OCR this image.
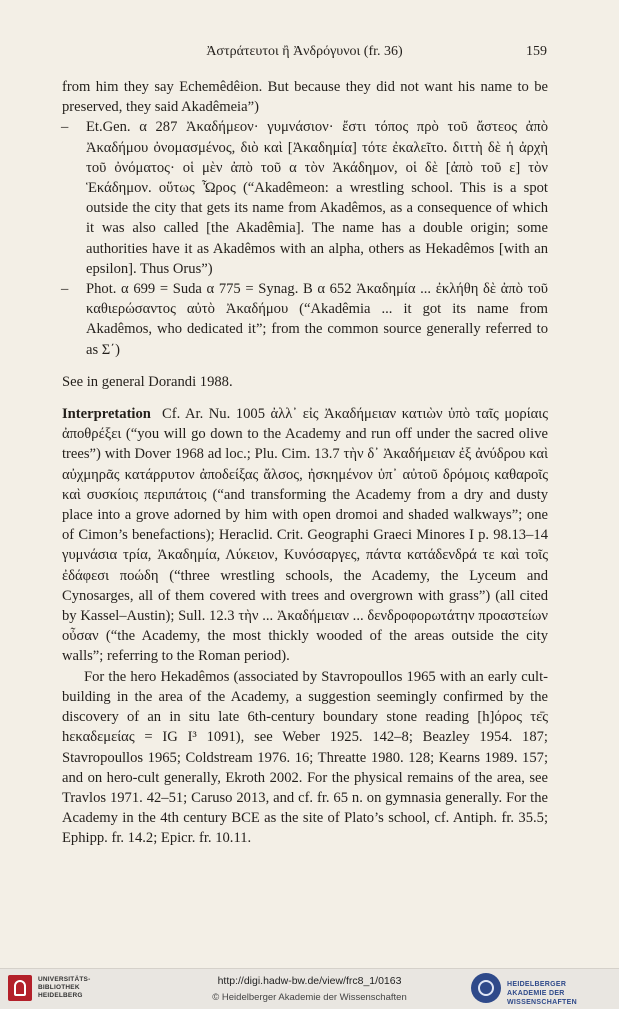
Ἀστράτευτοι ἢ Ἀνδρόγυνοι (fr. 36)	159

from him they say Echemêdêion. But because they did not want his name to be preserved, they said Akadêmeia”)

– Et.Gen. α 287 Ἀκαδήμεον· γυμνάσιον· ἔστι τόπος πρὸ τοῦ ἄστεος ἀπὸ Ἀκαδήμου ὀνομασμένος, διὸ καὶ [Ἀκαδημία] τότε ἐκαλεῖτο. διττὴ δὲ ἡ ἀρχὴ τοῦ ὀνόματος· οἱ μὲν ἀπὸ τοῦ α τὸν Ἀκάδημον, οἱ δὲ [ἀπὸ τοῦ ε] τὸν Ἑκάδημον. οὕτως Ὦρος (“Akadêmeon: a wrestling school. This is a spot outside the city that gets its name from Akadêmos, as a consequence of which it was also called [the Akadêmia]. The name has a double origin; some authorities have it as Akadêmos with an alpha, others as Hekadêmos [with an epsilon]. Thus Orus”)

– Phot. α 699 = Suda α 775 = Synag. B α 652 Ἀκαδημία ... ἐκλήθη δὲ ἀπὸ τοῦ καθιερώσαντος αὐτὸ Ἀκαδήμου (“Akadêmia ... it got its name from Akadêmos, who dedicated it”; from the common source generally referred to as Σ΄)

See in general Dorandi 1988.

Interpretation Cf. Ar. Nu. 1005 ἀλλ᾽ εἰς Ἀκαδήμειαν κατιὼν ὑπὸ ταῖς μορίαις ἀποθρέξει (“you will go down to the Academy and run off under the sacred olive trees”) with Dover 1968 ad loc.; Plu. Cim. 13.7 τὴν δ᾽ Ἀκαδήμειαν ἐξ ἀνύδρου καὶ αὐχμηρᾶς κατάρρυτον ἀποδείξας ἄλσος, ἠσκημένον ὑπ᾽ αὐτοῦ δρόμοις καθαροῖς καὶ συσκίοις περιπάτοις (“and transforming the Academy from a dry and dusty place into a grove adorned by him with open dromoi and shaded walkways”; one of Cimon’s benefactions); Heraclid. Crit. Geographi Graeci Minores I p. 98.13–14 γυμνάσια τρία, Ἀκαδημία, Λύκειον, Κυνόσαργες, πάντα κατάδενδρά τε καὶ τοῖς ἐδάφεσι ποώδη (“three wrestling schools, the Academy, the Lyceum and Cynosarges, all of them covered with trees and overgrown with grass”) (all cited by Kassel–Austin); Sull. 12.3 τὴν ... Ἀκαδήμειαν ... δενδροφορωτάτην προαστείων οὖσαν (“the Academy, the most thickly wooded of the areas outside the city walls”; referring to the Roman period).

For the hero Hekadêmos (associated by Stavropoullos 1965 with an early cult-building in the area of the Academy, a suggestion seemingly confirmed by the discovery of an in situ late 6th-century boundary stone reading [h]όρος τε̄ς hεκαδεμείας = IG I³ 1091), see Weber 1925. 142–8; Beazley 1954. 187; Stavropoullos 1965; Coldstream 1976. 16; Threatte 1980. 128; Kearns 1989. 157; and on hero-cult generally, Ekroth 2002. For the physical remains of the area, see Travlos 1971. 42–51; Caruso 2013, and cf. fr. 65 n. on gymnasia generally. For the Academy in the 4th century BCE as the site of Plato’s school, cf. Antiph. fr. 35.5; Ephipp. fr. 14.2; Epicr. fr. 10.11.

UNIVERSITÄTS-BIBLIOTHEK HEIDELBERG
http://digi.hadw-bw.de/view/frc8_1/0163
© Heidelberger Akademie der Wissenschaften
HEIDELBERGER AKADEMIE DER WISSENSCHAFTEN
